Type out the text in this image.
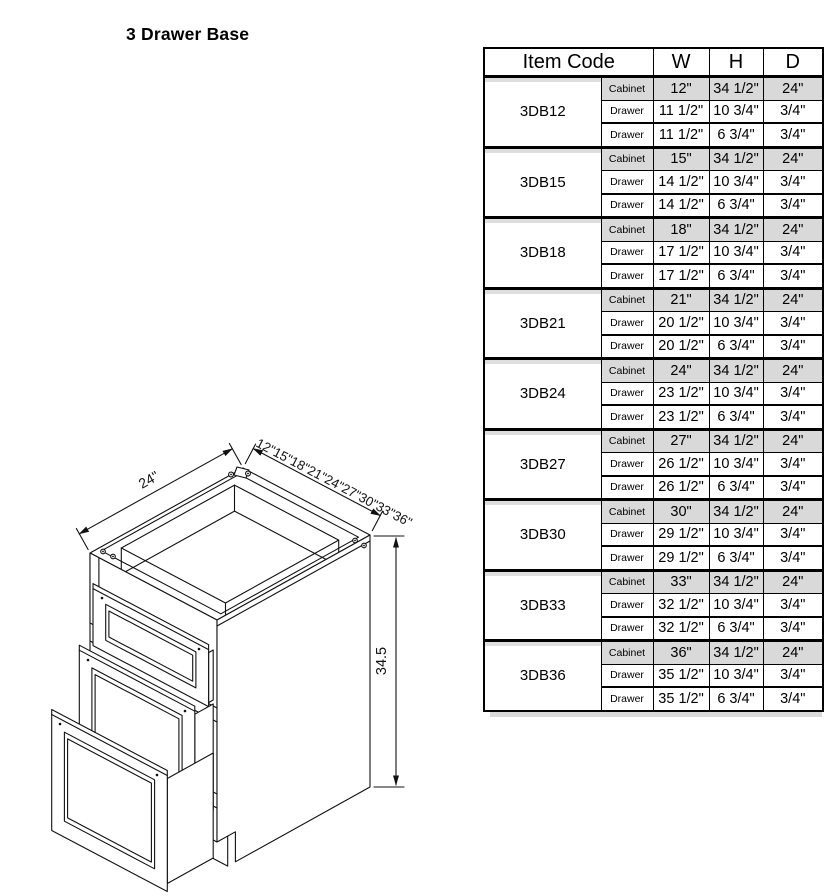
3 Drawer Base
24"	12"15"18"21"24"27"30"33"36"
34.5
Item Code		W	H	D
3DB12	Cabinet	12"	34 1/2"	24"
	Drawer	11 1/2"	10 3/4"	3/4"
	Drawer	11 1/2"	6 3/4"	3/4"
3DB15	Cabinet	15"	34 1/2"	24"
	Drawer	14 1/2"	10 3/4"	3/4"
	Drawer	14 1/2"	6 3/4"	3/4"
3DB18	Cabinet	18"	34 1/2"	24"
	Drawer	17 1/2"	10 3/4"	3/4"
	Drawer	17 1/2"	6 3/4"	3/4"
3DB21	Cabinet	21"	34 1/2"	24"
	Drawer	20 1/2"	10 3/4"	3/4"
	Drawer	20 1/2"	6 3/4"	3/4"
3DB24	Cabinet	24"	34 1/2"	24"
	Drawer	23 1/2"	10 3/4"	3/4"
	Drawer	23 1/2"	6 3/4"	3/4"
3DB27	Cabinet	27"	34 1/2"	24"
	Drawer	26 1/2"	10 3/4"	3/4"
	Drawer	26 1/2"	6 3/4"	3/4"
3DB30	Cabinet	30"	34 1/2"	24"
	Drawer	29 1/2"	10 3/4"	3/4"
	Drawer	29 1/2"	6 3/4"	3/4"
3DB33	Cabinet	33"	34 1/2"	24"
	Drawer	32 1/2"	10 3/4"	3/4"
	Drawer	32 1/2"	6 3/4"	3/4"
3DB36	Cabinet	36"	34 1/2"	24"
	Drawer	35 1/2"	10 3/4"	3/4"
	Drawer	35 1/2"	6 3/4"	3/4"
